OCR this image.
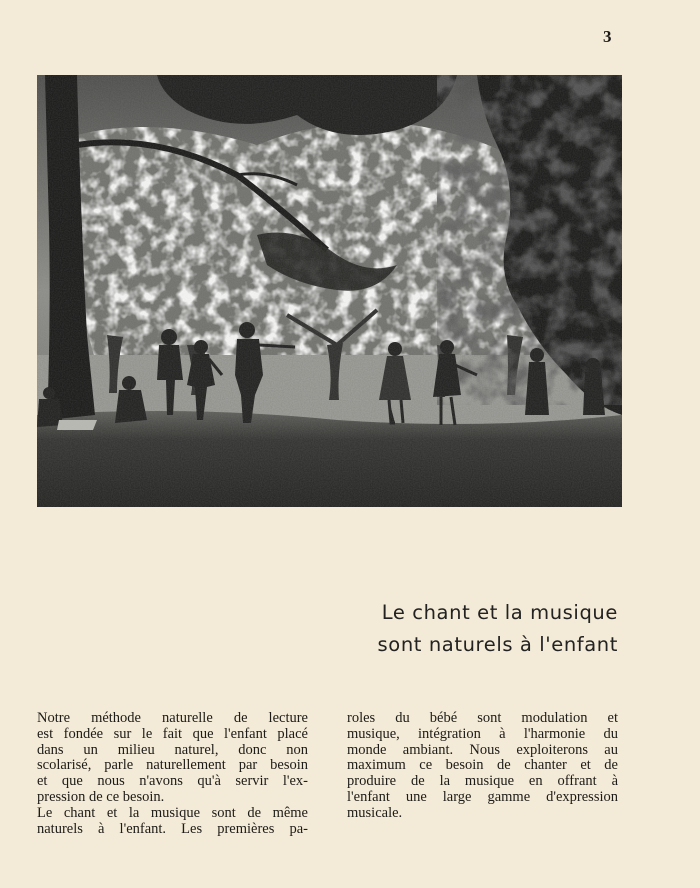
3
Le chant et la musique
sont naturels à l'enfant
Notre méthode naturelle de lecture
est fondée sur le fait que l'enfant placé
dans un milieu naturel, donc non
scolarisé, parle naturellement par besoin
et que nous n'avons qu'à servir l'ex-
pression de ce besoin.
Le chant et la musique sont de même
naturels à l'enfant. Les premières pa-
roles du bébé sont modulation et
musique, intégration à l'harmonie du
monde ambiant. Nous exploiterons au
maximum ce besoin de chanter et de
produire de la musique en offrant à
l'enfant une large gamme d'expression
musicale.
